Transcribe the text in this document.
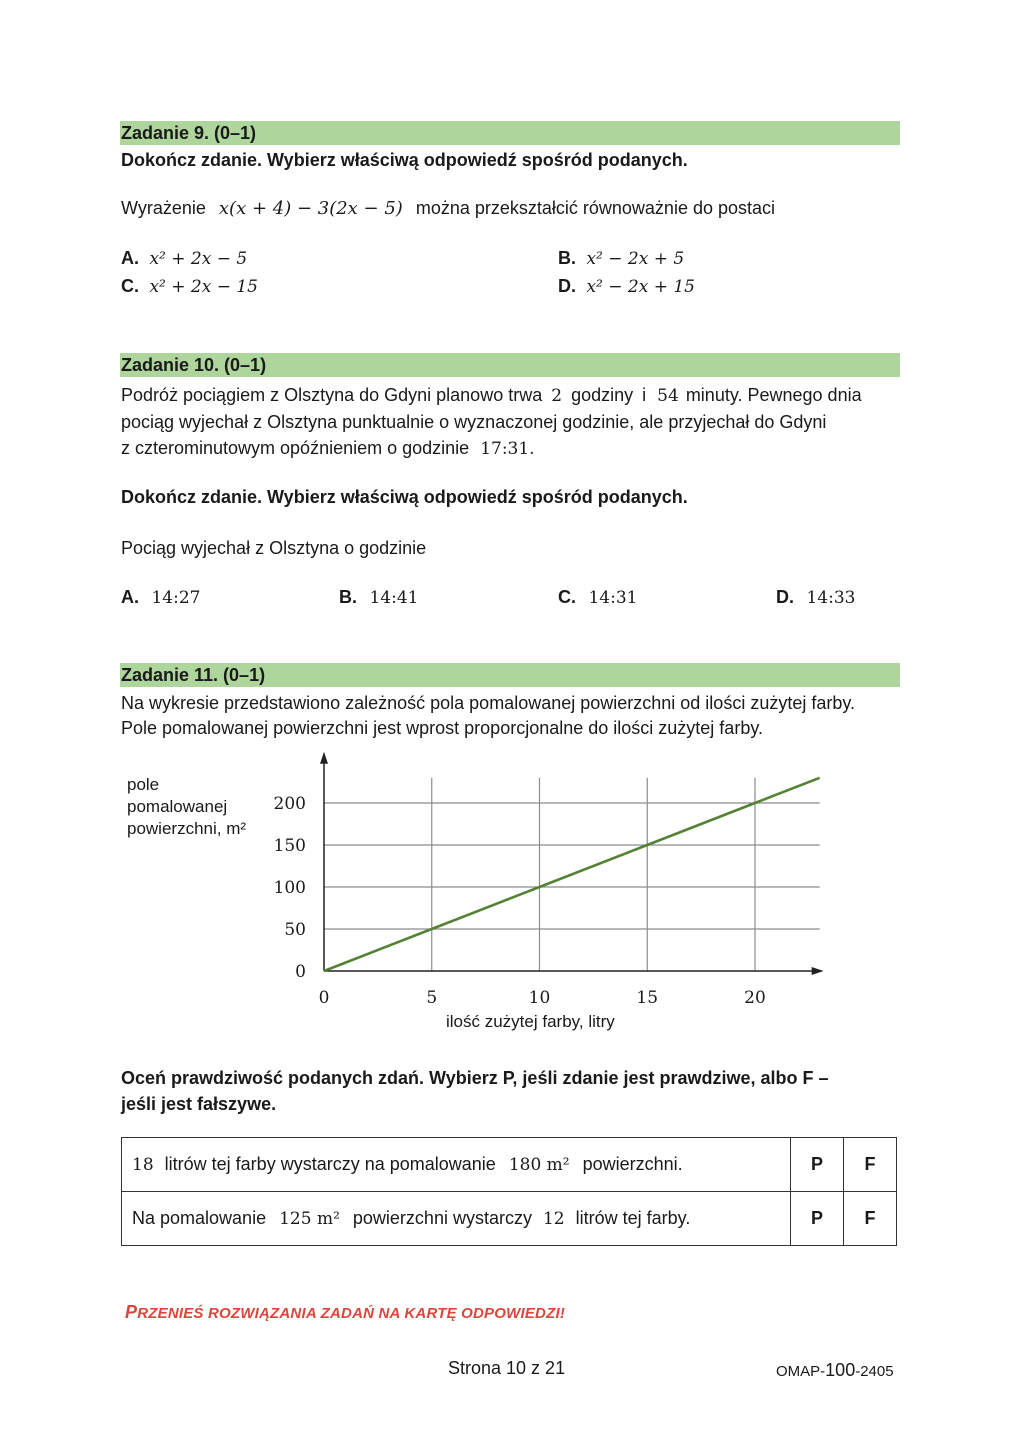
Zadanie 9. (0–1)
Dokończ zdanie. Wybierz właściwą odpowiedź spośród podanych.
Wyrażenie x(x + 4) − 3(2x − 5) można przekształcić równoważnie do postaci
A. x² + 2x − 5	B. x² − 2x + 5
C. x² + 2x − 15	D. x² − 2x + 15
Zadanie 10. (0–1)
Podróż pociągiem z Olsztyna do Gdyni planowo trwa 2 godziny i 54 minuty. Pewnego dnia
pociąg wyjechał z Olsztyna punktualnie o wyznaczonej godzinie, ale przyjechał do Gdyni
z czterominutowym opóźnieniem o godzinie 17:31.
Dokończ zdanie. Wybierz właściwą odpowiedź spośród podanych.
Pociąg wyjechał z Olsztyna o godzinie
A. 14:27	B. 14:41	C. 14:31	D. 14:33
Zadanie 11. (0–1)
Na wykresie przedstawiono zależność pola pomalowanej powierzchni od ilości zużytej farby.
Pole pomalowanej powierzchni jest wprost proporcjonalne do ilości zużytej farby.
pole
pomalowanej
powierzchni, m²
0
50
100
150
200
0	5	10	15	20
ilość zużytej farby, litry
Oceń prawdziwość podanych zdań. Wybierz P, jeśli zdanie jest prawdziwe, albo F –
jeśli jest fałszywe.
18 litrów tej farby wystarczy na pomalowanie 180 m² powierzchni.	P	F
Na pomalowanie 125 m² powierzchni wystarczy 12 litrów tej farby.	P	F
PRZENIEŚ ROZWIĄZANIA ZADAŃ NA KARTĘ ODPOWIEDZI!
Strona 10 z 21	OMAP-100-2405
